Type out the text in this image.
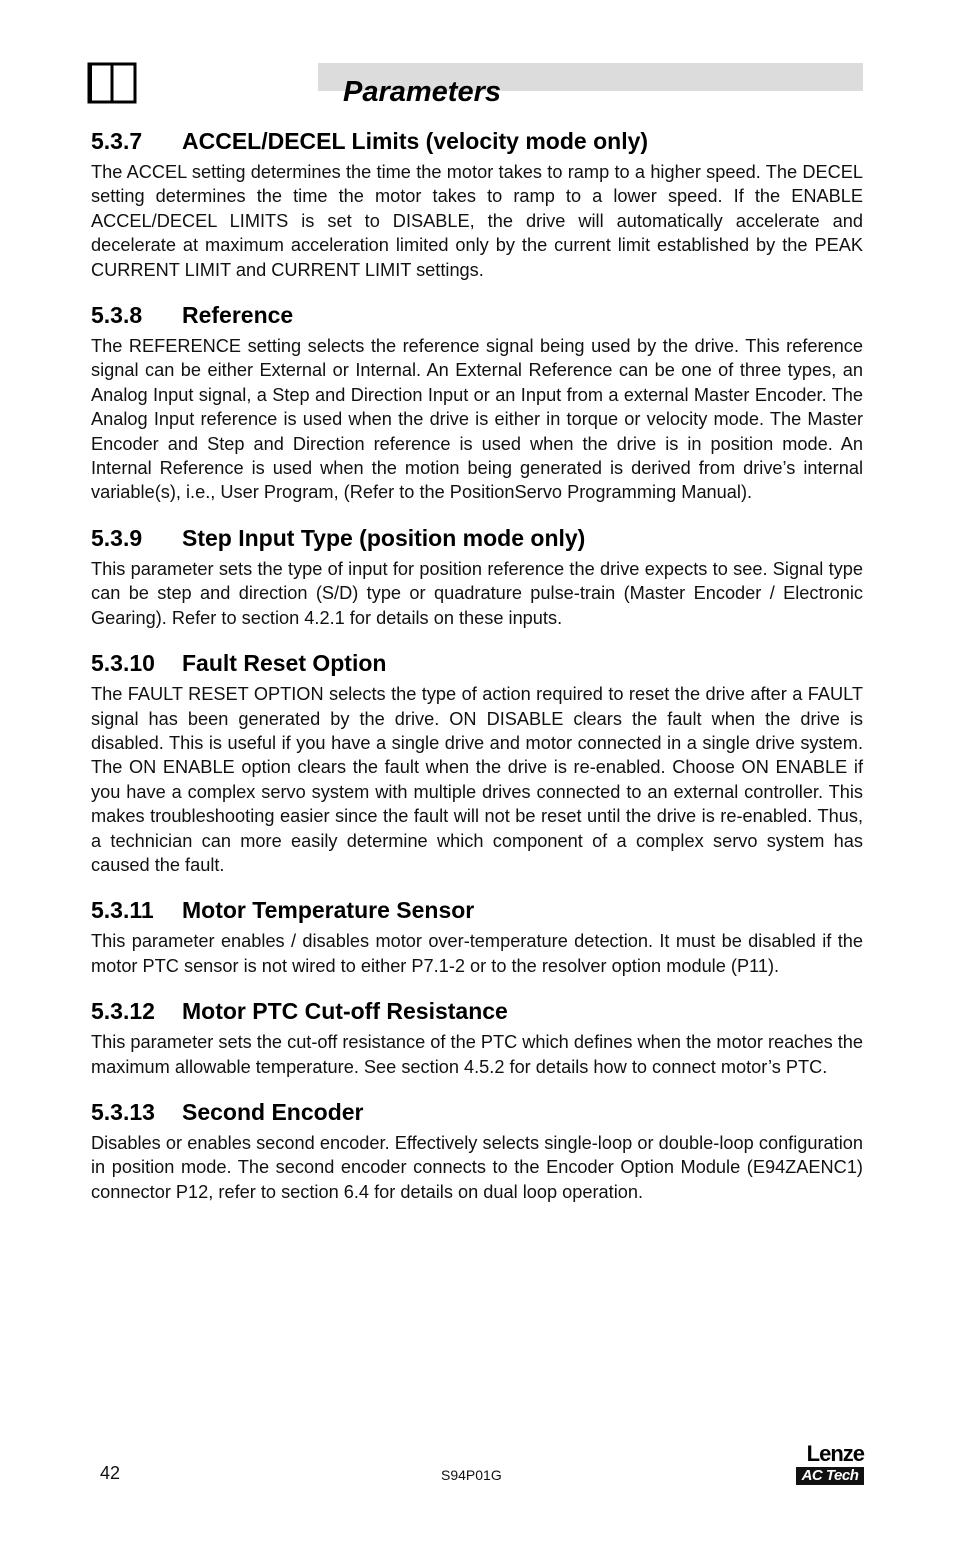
Parameters
5.3.7 ACCEL/DECEL Limits (velocity mode only)

The ACCEL setting determines the time the motor takes to ramp to a higher speed. The DECEL setting determines the time the motor takes to ramp to a lower speed. If the ENABLE ACCEL/DECEL LIMITS is set to DISABLE, the drive will automatically accelerate and decelerate at maximum acceleration limited only by the current limit established by the PEAK CURRENT LIMIT and CURRENT LIMIT settings.

5.3.8 Reference

The REFERENCE setting selects the reference signal being used by the drive. This reference signal can be either External or Internal. An External Reference can be one of three types, an Analog Input signal, a Step and Direction Input or an Input from a external Master Encoder. The Analog Input reference is used when the drive is either in torque or velocity mode. The Master Encoder and Step and Direction reference is used when the drive is in position mode. An Internal Reference is used when the motion being generated is derived from drive’s internal variable(s), i.e., User Program, (Refer to the PositionServo Programming Manual).

5.3.9 Step Input Type (position mode only)

This parameter sets the type of input for position reference the drive expects to see. Signal type can be step and direction (S/D) type or quadrature pulse-train (Master Encoder / Electronic Gearing). Refer to section 4.2.1 for details on these inputs.

5.3.10 Fault Reset Option

The FAULT RESET OPTION selects the type of action required to reset the drive after a FAULT signal has been generated by the drive. ON DISABLE clears the fault when the drive is disabled. This is useful if you have a single drive and motor connected in a single drive system. The ON ENABLE option clears the fault when the drive is re-enabled. Choose ON ENABLE if you have a complex servo system with multiple drives connected to an external controller. This makes troubleshooting easier since the fault will not be reset until the drive is re-enabled. Thus, a technician can more easily determine which component of a complex servo system has caused the fault.

5.3.11 Motor Temperature Sensor

This parameter enables / disables motor over-temperature detection. It must be disabled if the motor PTC sensor is not wired to either P7.1-2 or to the resolver option module (P11).

5.3.12 Motor PTC Cut-off Resistance

This parameter sets the cut-off resistance of the PTC which defines when the motor reaches the maximum allowable temperature. See section 4.5.2 for details how to connect motor’s PTC.

5.3.13 Second Encoder

Disables or enables second encoder. Effectively selects single-loop or double-loop configuration in position mode. The second encoder connects to the Encoder Option Module (E94ZAENC1) connector P12, refer to section 6.4 for details on dual loop operation.

42	S94P01G
Lenze
AC Tech
